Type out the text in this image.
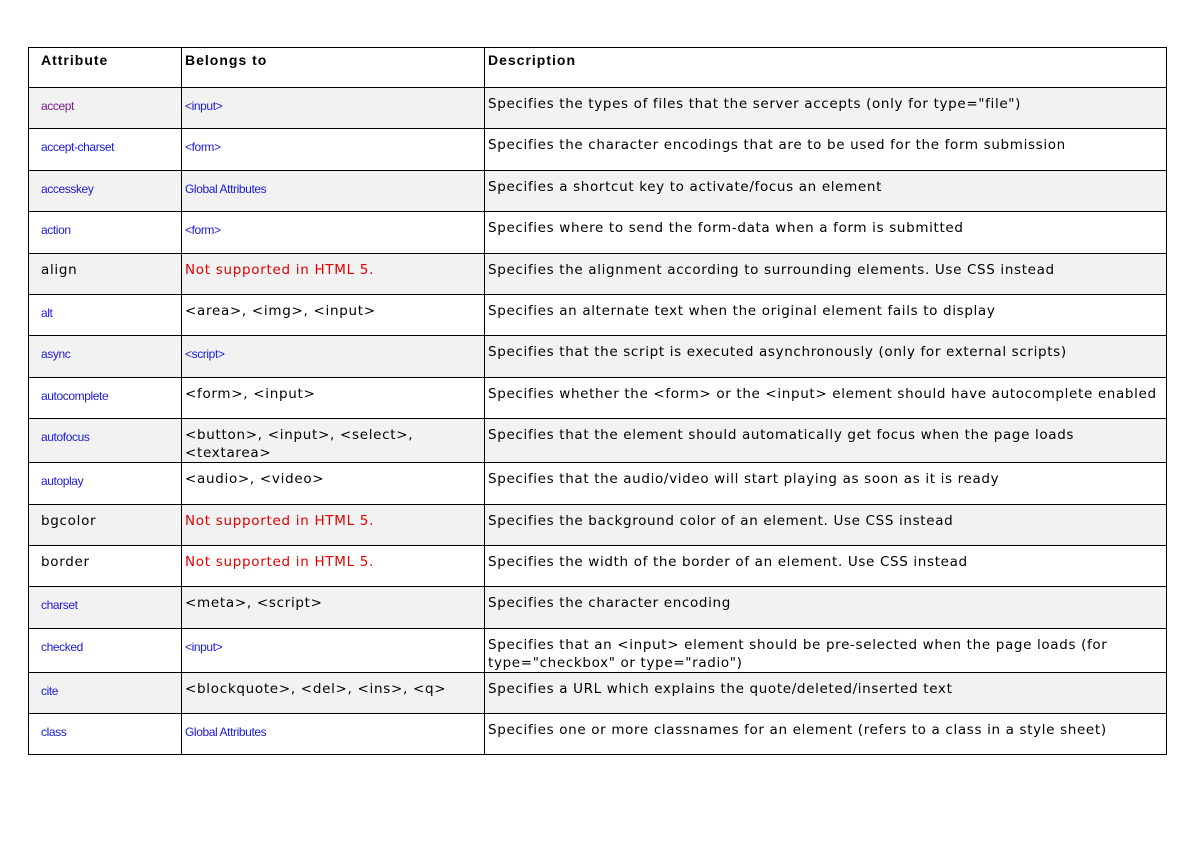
Attribute	Belongs to	Description
accept	<input>	Specifies the types of files that the server accepts (only for type="file")

accept-charset	<form>	Specifies the character encodings that are to be used for the form submission

accesskey	Global Attributes	Specifies a shortcut key to activate/focus an element

action	<form>	Specifies where to send the form-data when a form is submitted

align	Not supported in HTML 5.	Specifies the alignment according to surrounding elements. Use CSS instead

alt	<area>, <img>, <input>	Specifies an alternate text when the original element fails to display

async	<script>	Specifies that the script is executed asynchronously (only for external scripts)

autocomplete	<form>, <input>	Specifies whether the <form> or the <input> element should have autocomplete enabled

autofocus	<button>, <input>, <select>, <textarea>	Specifies that the element should automatically get focus when the page loads

autoplay	<audio>, <video>	Specifies that the audio/video will start playing as soon as it is ready

bgcolor	Not supported in HTML 5.	Specifies the background color of an element. Use CSS instead

border	Not supported in HTML 5.	Specifies the width of the border of an element. Use CSS instead

charset	<meta>, <script>	Specifies the character encoding

checked	<input>	Specifies that an <input> element should be pre-selected when the page loads (for type="checkbox" or type="radio")

cite	<blockquote>, <del>, <ins>, <q>	Specifies a URL which explains the quote/deleted/inserted text

class	Global Attributes	Specifies one or more classnames for an element (refers to a class in a style sheet)
